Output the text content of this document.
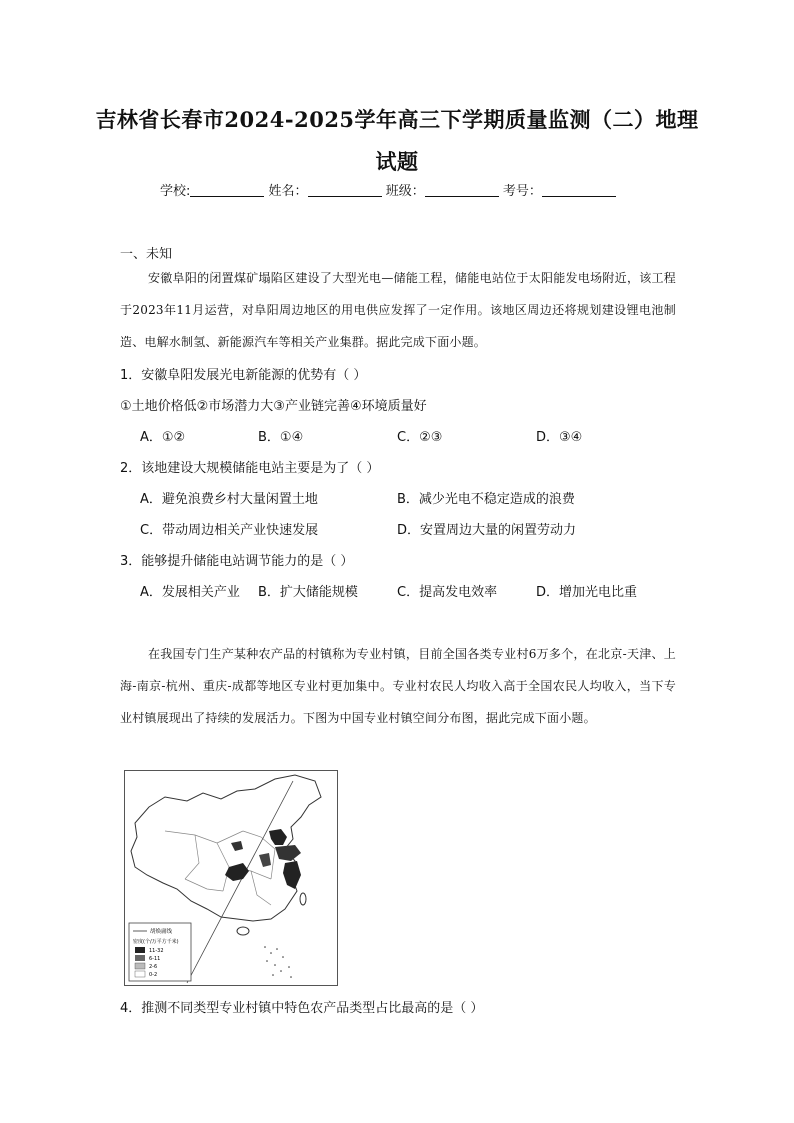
吉林省长春市2024-2025学年高三下学期质量监测（二）地理
试题
学校:	姓名：	班级：	考号：
一、未知
安徽阜阳的闭置煤矿塌陷区建设了大型光电—储能工程，储能电站位于太阳能发电场附近，该工程于2023年11月运营，对阜阳周边地区的用电供应发挥了一定作用。该地区周边还将规划建设锂电池制造、电解水制氢、新能源汽车等相关产业集群。据此完成下面小题。
1．安徽阜阳发展光电新能源的优势有（ ）
①土地价格低②市场潜力大③产业链完善④环境质量好
A．①②	B．①④	C．②③	D．③④
2．该地建设大规模储能电站主要是为了（ ）
A．避免浪费乡村大量闲置土地	B．减少光电不稳定造成的浪费
C．带动周边相关产业快速发展	D．安置周边大量的闲置劳动力
3．能够提升储能电站调节能力的是（ ）
A．发展相关产业 B．扩大储能规模	C．提高发电效率	D．增加光电比重
在我国专门生产某种农产品的村镇称为专业村镇，目前全国各类专业村6万多个，在北京-天津、上海-南京-杭州、重庆-成都等地区专业村更加集中。专业村农民人均收入高于全国农民人均收入，当下专业村镇展现出了持续的发展活力。下图为中国专业村镇空间分布图，据此完成下面小题。
胡焕庸线
密度(个/万平方千米)
11-32
6-11
2-6
0-2
4．推测不同类型专业村镇中特色农产品类型占比最高的是（ ）
